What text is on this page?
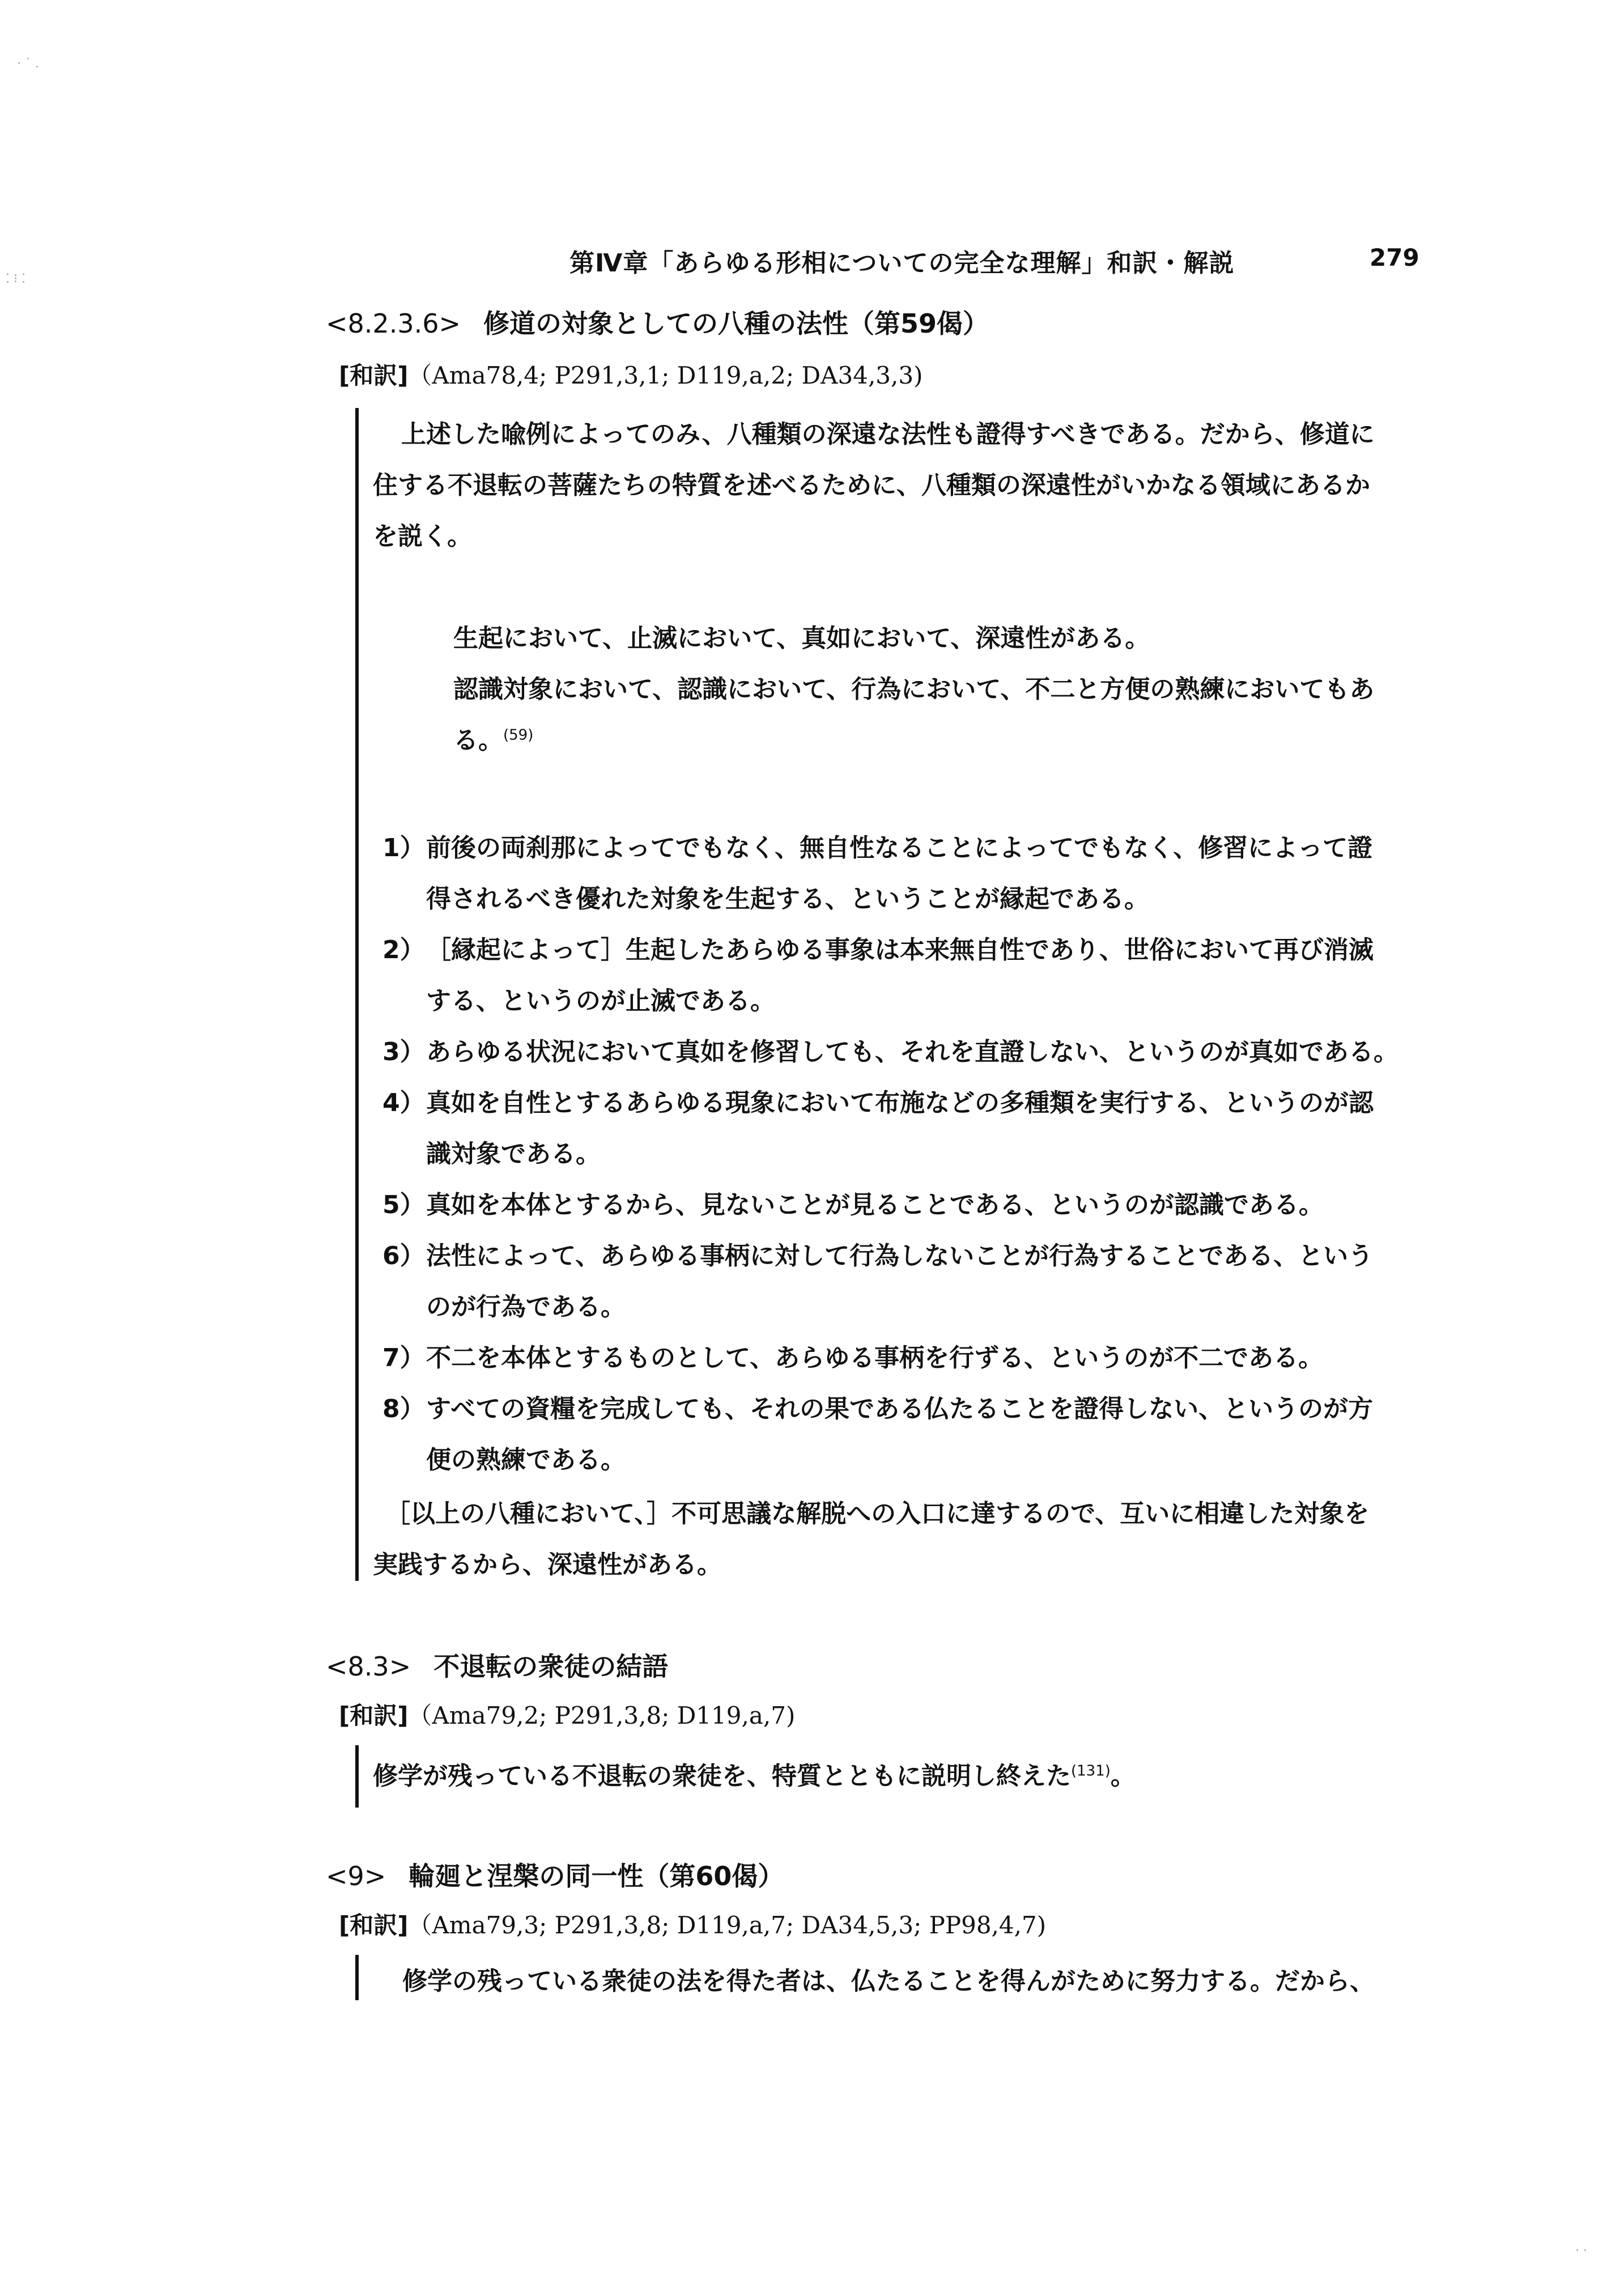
· ˙ .
⁚ ⁝ ⁚
· ·
第Ⅳ章「あらゆる形相についての完全な理解」和訳・解説	279
<8.2.3.6> 修道の対象としての八種の法性（第59偈）
[和訳]（Ama78,4; P291,3,1; D119,a,2; DA34,3,3)
上述した喩例によってのみ、八種類の深遠な法性も證得すべきである。だから、修道に
住する不退転の菩薩たちの特質を述べるために、八種類の深遠性がいかなる領域にあるか
を説く。
生起において、止滅において、真如において、深遠性がある。
認識対象において、認識において、行為において、不二と方便の熟練においてもあ
る。$^{(59)}$
1） 前後の両刹那によってでもなく、無自性なることによってでもなく、修習によって證
得されるべき優れた対象を生起する、ということが縁起である。
2） ［縁起によって］生起したあらゆる事象は本来無自性であり、世俗において再び消滅
する、というのが止滅である。
3） あらゆる状況において真如を修習しても、それを直證しない、というのが真如である。
4） 真如を自性とするあらゆる現象において布施などの多種類を実行する、というのが認
識対象である。
5） 真如を本体とするから、見ないことが見ることである、というのが認識である。
6） 法性によって、あらゆる事柄に対して行為しないことが行為することである、という
のが行為である。
7） 不二を本体とするものとして、あらゆる事柄を行ずる、というのが不二である。
8） すべての資糧を完成しても、それの果である仏たることを證得しない、というのが方
便の熟練である。
［以上の八種において、］不可思議な解脱への入口に達するので、互いに相違した対象を
実践するから、深遠性がある。
<8.3> 不退転の衆徒の結語
[和訳]（Ama79,2; P291,3,8; D119,a,7)
修学が残っている不退転の衆徒を、特質とともに説明し終えた$^{(131)}$。
<9> 輪廻と涅槃の同一性（第60偈）
[和訳]（Ama79,3; P291,3,8; D119,a,7; DA34,5,3; PP98,4,7)
修学の残っている衆徒の法を得た者は、仏たることを得んがために努力する。だから、
